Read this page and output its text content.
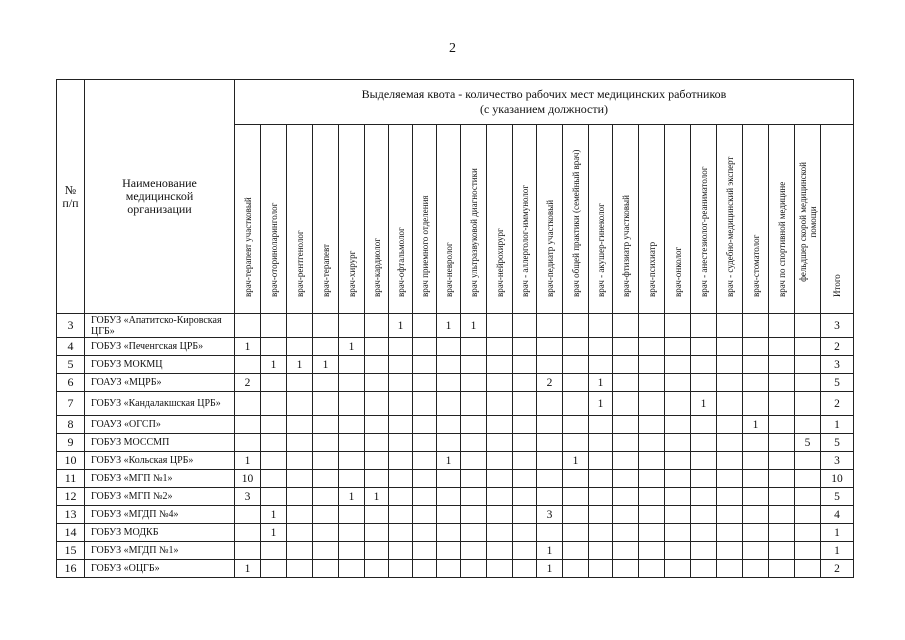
2
№
п/п	Наименование медицинской организации	Выделяемая квота - количество рабочих мест медицинских работников
(с указанием должности)																							

		врач-терапевт участковый	врач-оториноларинголог	врач-рентгенолог	врач-терапевт	врач-хирург	врач-кардиолог	врач-офтальмолог	врач приемного отделения	врач-невролог	врач ультразвуковой диагностики	врач-нейрохирург	врач - аллерголог-иммунолог	врач-педиатр участковый	врач общей практики (семейный врач)	врач - акушер-гинеколог	врач-фтизиатр участковый	врач-психиатр	врач-онколог	врач - анестезиолог-реаниматолог	врач - судебно-медицинский эксперт	врач-стоматолог	врач по спортивной медицине	фельдшер скорой медицинской помощи	Итого

3	ГОБУЗ «Апатитско-Кировская ЦГБ»							1		1	1														3
4	ГОБУЗ «Печенгская ЦРБ»	1				1																			2
5	ГОБУЗ МОКМЦ		1	1	1																				3
6	ГОАУЗ «МЦРБ»	2												2		1									5
7	ГОБУЗ «Кандалакшская ЦРБ»															1				1					2
8	ГОАУЗ «ОГСП»																					1			1
9	ГОБУЗ МОССМП																							5	5
10	ГОБУЗ «Кольская ЦРБ»	1								1					1										3
11	ГОБУЗ «МГП №1»	10																							10
12	ГОБУЗ «МГП №2»	3				1	1																		5
13	ГОБУЗ «МГДП №4»		1											3											4
14	ГОБУЗ МОДКБ		1																						1
15	ГОБУЗ «МГДП №1»													1											1
16	ГОБУЗ «ОЦГБ»	1												1											2
